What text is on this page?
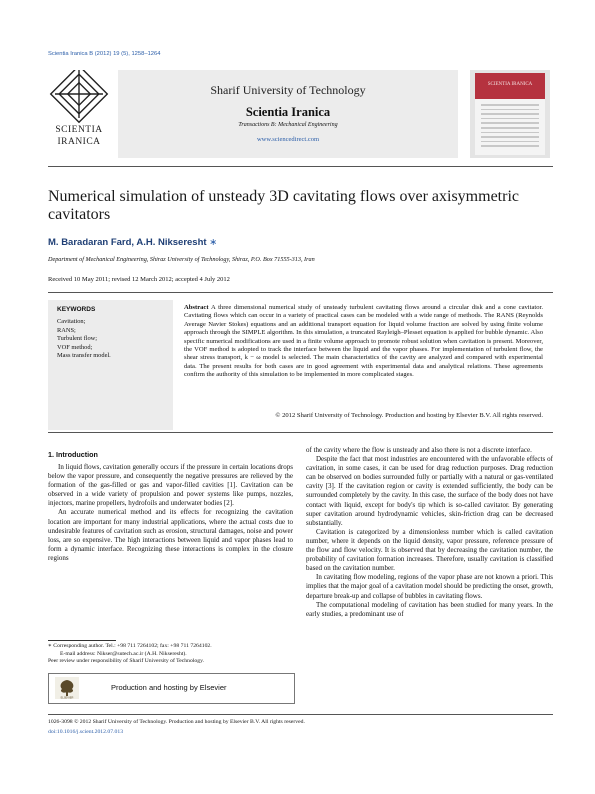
Scientia Iranica B (2012) 19 (5), 1258–1264
SCIENTIA
IRANICA
Sharif University of Technology
Scientia Iranica
Transactions B: Mechanical Engineering
www.sciencedirect.com
SCIENTIA IRANICA
Numerical simulation of unsteady 3D cavitating flows over axisymmetric cavitators
M. Baradaran Fard, A.H. Nikseresht ∗
Department of Mechanical Engineering, Shiraz University of Technology, Shiraz, P.O. Box 71555-313, Iran
Received 10 May 2011; revised 12 March 2012; accepted 4 July 2012
KEYWORDS
Cavitation;
RANS;
Turbulent flow;
VOF method;
Mass transfer model.
Abstract A three dimensional numerical study of unsteady turbulent cavitating flows around a circular disk and a cone cavitator. Cavitating flows which can occur in a variety of practical cases can be modeled with a wide range of methods. The RANS (Reynolds Average Navier Stokes) equations and an additional transport equation for liquid volume fraction are solved by using finite volume approach through the SIMPLE algorithm. In this simulation, a truncated Rayleigh–Plesset equation is applied for bubble dynamic. Also specific numerical modifications are used in a finite volume approach to promote robust solution when cavitation is present. Moreover, the VOF method is adopted to track the interface between the liquid and the vapor phases. For implementation of turbulent flow, the shear stress transport, k − ω model is selected. The main characteristics of the cavity are analyzed and compared with experimental data. The present results for both cases are in good agreement with experimental data and analytical relations. These agreements confirm the authority of this simulation to be implemented in more complicated stages.
© 2012 Sharif University of Technology. Production and hosting by Elsevier B.V. All rights reserved.
1. Introduction

In liquid flows, cavitation generally occurs if the pressure in certain locations drops below the vapor pressure, and consequently the negative pressures are relieved by the formation of the gas-filled or gas and vapor-filled cavities [1]. Cavitation can be observed in a wide variety of propulsion and power systems like pumps, nozzles, injectors, marine propellers, hydrofoils and underwater bodies [2].

An accurate numerical method and its effects for recognizing the cavitation location are important for many industrial applications, where the actual costs due to undesirable features of cavitation such as erosion, structural damages, noise and power loss, are so expensive. The high interactions between liquid and vapor phases lead to form a dynamic interface. Recognizing these interactions is complex in the closure regions

of the cavity where the flow is unsteady and also there is not a discrete interface.

Despite the fact that most industries are encountered with the unfavorable effects of cavitation, in some cases, it can be used for drag reduction purposes. Drag reduction can be observed on bodies surrounded fully or partially with a natural or gas-ventilated cavity [3]. If the cavitation region or cavity is extended sufficiently, the body can be surrounded completely by the cavity. In this case, the surface of the body does not have contact with liquid, except for body's tip which is so-called cavitator. By generating super cavitation around hydrodynamic vehicles, skin-friction drag can be decreased substantially.

Cavitation is categorized by a dimensionless number which is called cavitation number, where it depends on the liquid density, vapor pressure, reference pressure of the flow and flow velocity. It is observed that by decreasing the cavitation number, the probability of cavitation formation increases. Therefore, usually cavitation is classified based on the cavitation number.

In cavitating flow modeling, regions of the vapor phase are not known a priori. This implies that the major goal of a cavitation model should be predicting the onset, growth, departure break-up and collapse of bubbles in cavitating flows.

The computational modeling of cavitation has been studied for many years. In the early studies, a predominant use of

∗ Corresponding author. Tel.: +98 711 7264102; fax: +98 711 7264102.
E-mail address: Nikser@sutech.ac.ir (A.H. Nikseresht).
Peer review under responsibility of Sharif University of Technology.
ELSEVIER
Production and hosting by Elsevier
1026-3098 © 2012 Sharif University of Technology. Production and hosting by Elsevier B.V. All rights reserved.
doi:10.1016/j.scient.2012.07.013
